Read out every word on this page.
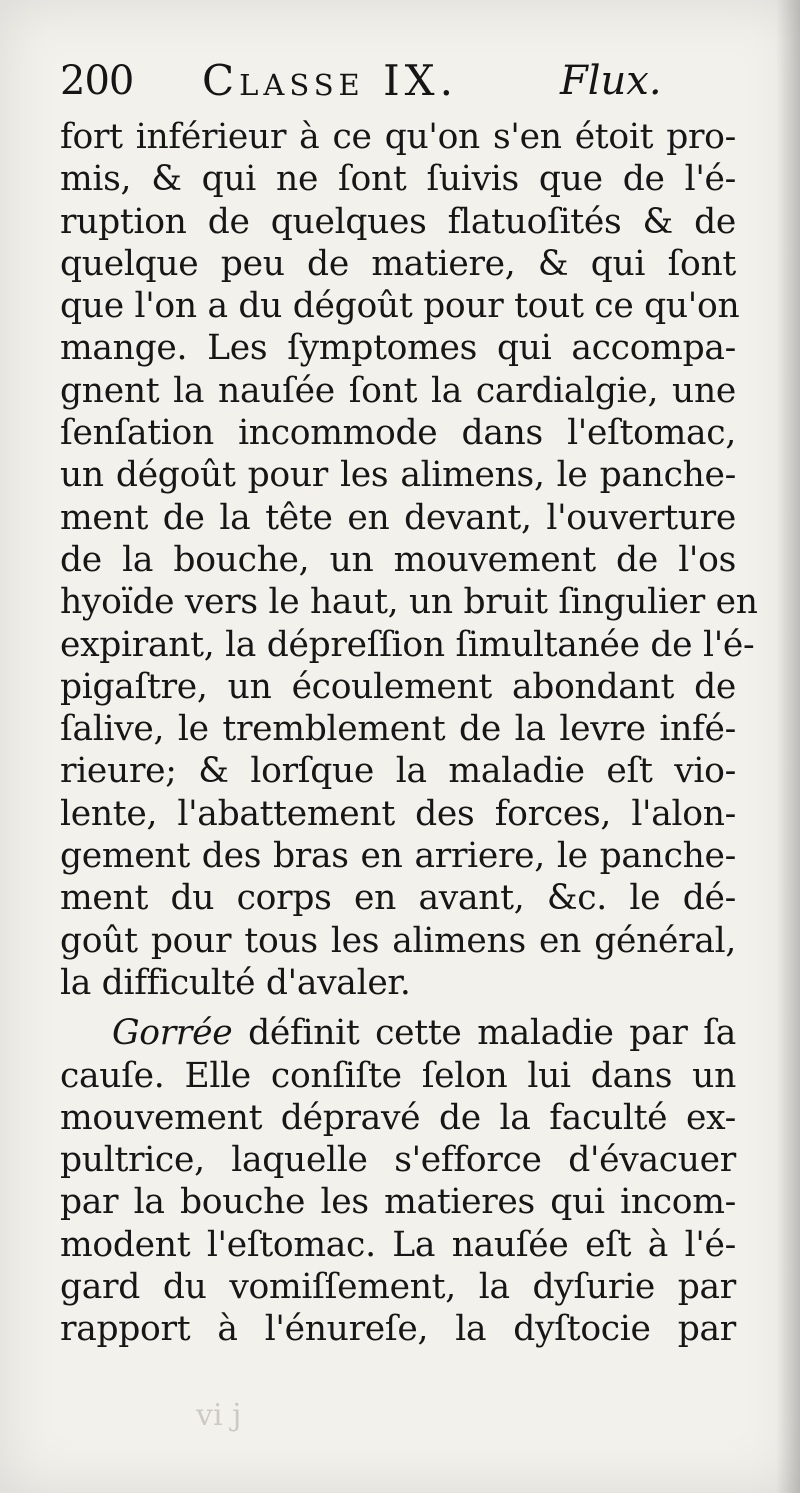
200 Classe IX.	Flux.
fort inférieur à ce qu'on s'en étoit pro-
mis, & qui ne ſont ſuivis que de l'é-
ruption de quelques flatuoſités & de
quelque peu de matiere, & qui ſont
que l'on a du dégoût pour tout ce qu'on
mange. Les ſymptomes qui accompa-
gnent la nauſée ſont la cardialgie, une
ſenſation incommode dans l'eſtomac,
un dégoût pour les alimens, le panche-
ment de la tête en devant, l'ouverture
de la bouche, un mouvement de l'os
hyoïde vers le haut, un bruit ſingulier en
expirant, la dépreſſion ſimultanée de l'é-
pigaſtre, un écoulement abondant de
ſalive, le tremblement de la levre infé-
rieure; & lorſque la maladie eſt vio-
lente, l'abattement des forces, l'alon-
gement des bras en arriere, le panche-
ment du corps en avant, &c. le dé-
goût pour tous les alimens en général,
la difficulté d'avaler.
Gorrée définit cette maladie par ſa
cauſe. Elle conſiſte ſelon lui dans un
mouvement dépravé de la faculté ex-
pultrice, laquelle s'efforce d'évacuer
par la bouche les matieres qui incom-
modent l'eſtomac. La nauſée eſt à l'é-
gard du vomiſſement, la dyſurie par
rapport à l'énureſe, la dyſtocie par
vi j
